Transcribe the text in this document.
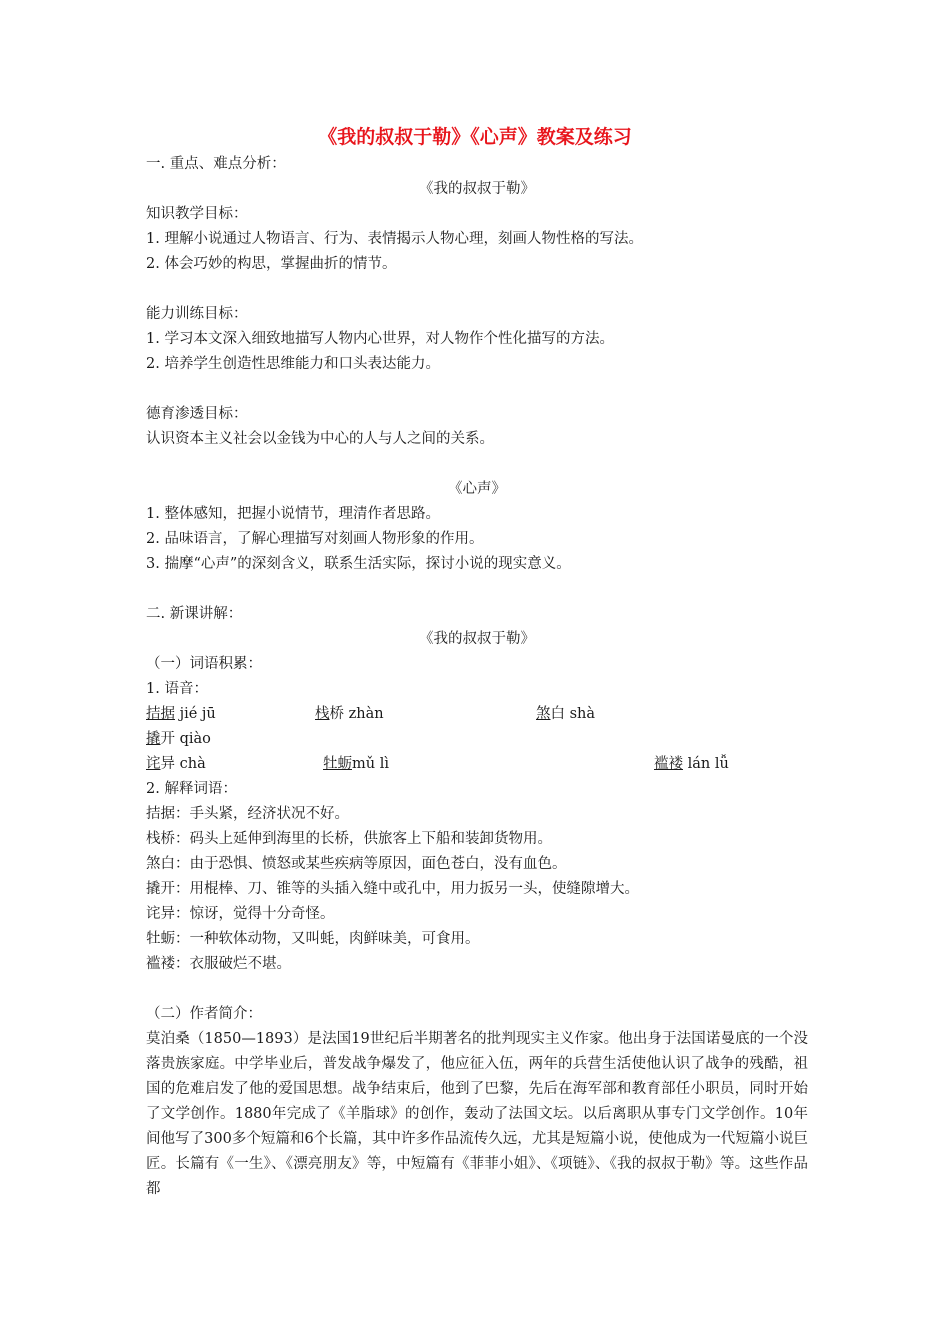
《我的叔叔于勒》《心声》教案及练习
一. 重点、难点分析：
《我的叔叔于勒》
知识教学目标：
1. 理解小说通过人物语言、行为、表情揭示人物心理，刻画人物性格的写法。
2. 体会巧妙的构思，掌握曲折的情节。
能力训练目标：
1. 学习本文深入细致地描写人物内心世界，对人物作个性化描写的方法。
2. 培养学生创造性思维能力和口头表达能力。
德育渗透目标：
认识资本主义社会以金钱为中心的人与人之间的关系。
《心声》
1. 整体感知，把握小说情节，理清作者思路。
2. 品味语言，了解心理描写对刻画人物形象的作用。
3. 揣摩“心声”的深刻含义，联系生活实际，探讨小说的现实意义。
二. 新课讲解：
《我的叔叔于勒》
（一）词语积累：
1. 语音：
拮据 jié jū	栈桥 zhàn	煞白 shà
撬开 qiào
诧异 chà	牡蛎mǔ lì	褴褛 lán lǚ
2. 解释词语：
拮据：手头紧，经济状况不好。
栈桥：码头上延伸到海里的长桥，供旅客上下船和装卸货物用。
煞白：由于恐惧、愤怒或某些疾病等原因，面色苍白，没有血色。
撬开：用棍棒、刀、锥等的头插入缝中或孔中，用力扳另一头，使缝隙增大。
诧异：惊讶，觉得十分奇怪。
牡蛎：一种软体动物，又叫蚝，肉鲜味美，可食用。
褴褛：衣服破烂不堪。
（二）作者简介：
莫泊桑（1850—1893）是法国19世纪后半期著名的批判现实主义作家。他出身于法国诺曼底的一个没落贵族家庭。中学毕业后，普发战争爆发了，他应征入伍，两年的兵营生活使他认识了战争的残酷，祖国的危难启发了他的爱国思想。战争结束后，他到了巴黎，先后在海军部和教育部任小职员，同时开始了文学创作。1880年完成了《羊脂球》的创作，轰动了法国文坛。以后离职从事专门文学创作。10年间他写了300多个短篇和6个长篇，其中许多作品流传久远，尤其是短篇小说，使他成为一代短篇小说巨匠。长篇有《一生》、《漂亮朋友》等，中短篇有《菲菲小姐》、《项链》、《我的叔叔于勒》等。这些作品都
